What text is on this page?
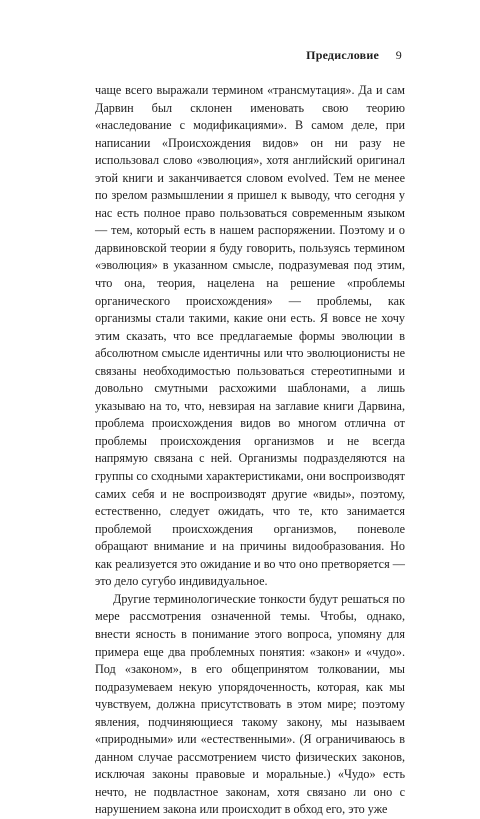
Предисловие 9

чаще всего выражали термином «трансмутация». Да и сам Дарвин был склонен именовать свою теорию «наследование с модификациями». В самом деле, при написании «Происхождения видов» он ни разу не использовал слово «эволюция», хотя английский оригинал этой книги и заканчивается словом evolved. Тем не менее по зрелом размышлении я пришел к выводу, что сегодня у нас есть полное право пользоваться современным языком — тем, который есть в нашем распоряжении. Поэтому и о дарвиновской теории я буду говорить, пользуясь термином «эволюция» в указанном смысле, подразумевая под этим, что она, теория, нацелена на решение «проблемы органического происхождения» — проблемы, как организмы стали такими, какие они есть. Я вовсе не хочу этим сказать, что все предлагаемые формы эволюции в абсолютном смысле идентичны или что эволюционисты не связаны необходимостью пользоваться стереотипными и довольно смутными расхожими шаблонами, а лишь указываю на то, что, невзирая на заглавие книги Дарвина, проблема происхождения видов во многом отлична от проблемы происхождения организмов и не всегда напрямую связана с ней. Организмы подразделяются на группы со сходными характеристиками, они воспроизводят самих себя и не воспроизводят другие «виды», поэтому, естественно, следует ожидать, что те, кто занимается проблемой происхождения организмов, поневоле обращают внимание и на причины видообразования. Но как реализуется это ожидание и во что оно претворяется — это дело сугубо индивидуальное.

Другие терминологические тонкости будут решаться по мере рассмотрения означенной темы. Чтобы, однако, внести ясность в понимание этого вопроса, упомяну для примера еще два проблемных понятия: «закон» и «чудо». Под «законом», в его общепринятом толковании, мы подразумеваем некую упорядоченность, которая, как мы чувствуем, должна присутствовать в этом мире; поэтому явления, подчиняющиеся такому закону, мы называем «природными» или «естественными». (Я ограничиваюсь в данном случае рассмотрением чисто физических законов, исключая законы правовые и моральные.) «Чудо» есть нечто, не подвластное законам, хотя связано ли оно с нарушением закона или происходит в обход его, это уже
